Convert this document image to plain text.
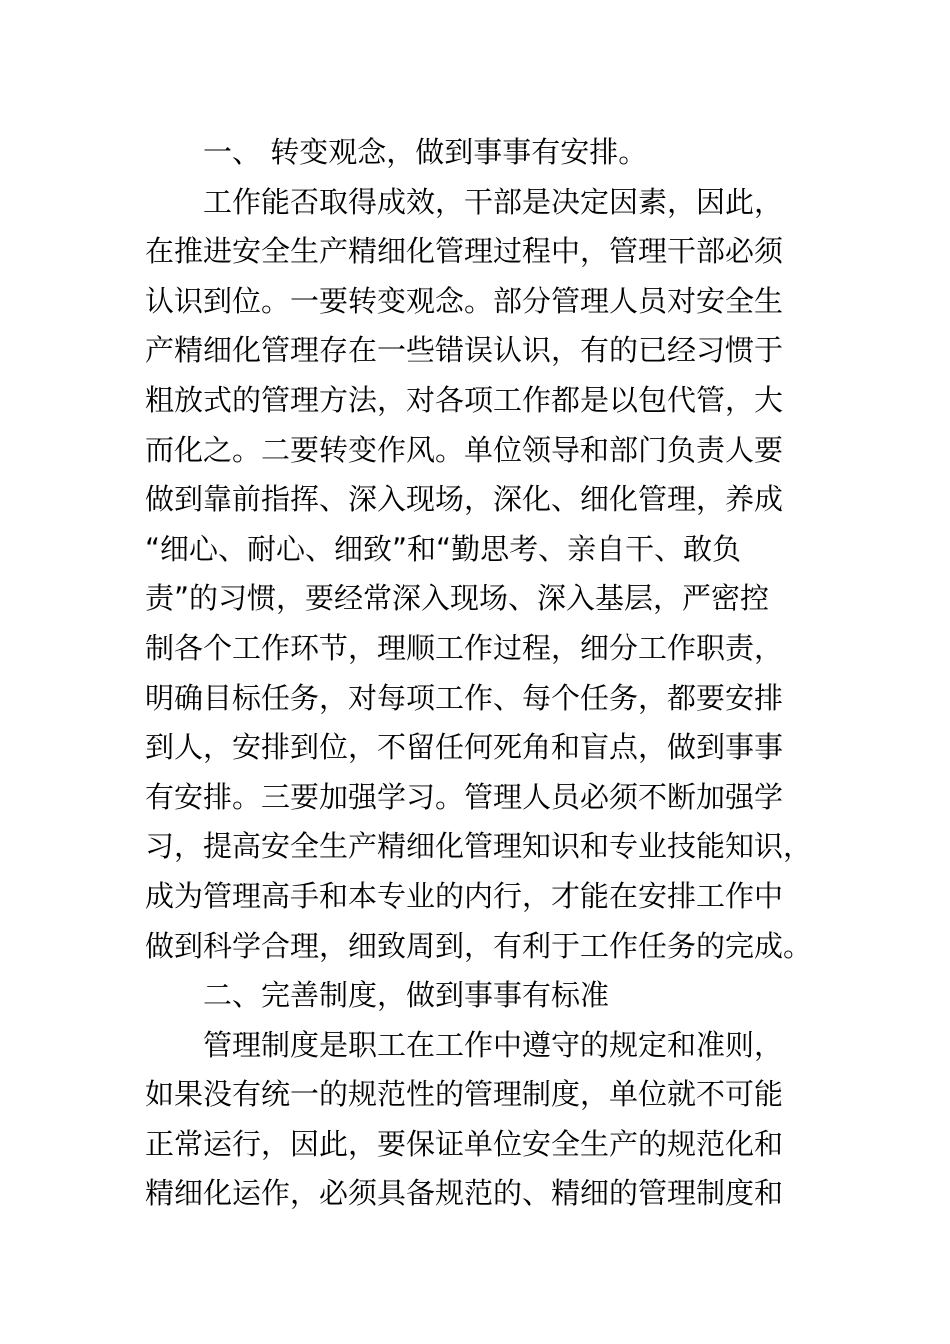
一、 转变观念，做到事事有安排。
工作能否取得成效，干部是决定因素，因此，
在推进安全生产精细化管理过程中，管理干部必须
认识到位。一要转变观念。部分管理人员对安全生
产精细化管理存在一些错误认识，有的已经习惯于
粗放式的管理方法，对各项工作都是以包代管，大
而化之。二要转变作风。单位领导和部门负责人要
做到靠前指挥、深入现场，深化、细化管理，养成
“细心、耐心、细致”和“勤思考、亲自干、敢负
责”的习惯，要经常深入现场、深入基层，严密控
制各个工作环节，理顺工作过程，细分工作职责，
明确目标任务，对每项工作、每个任务，都要安排
到人，安排到位，不留任何死角和盲点，做到事事
有安排。三要加强学习。管理人员必须不断加强学
习，提高安全生产精细化管理知识和专业技能知识，
成为管理高手和本专业的内行，才能在安排工作中
做到科学合理，细致周到，有利于工作任务的完成。
二、完善制度，做到事事有标准
管理制度是职工在工作中遵守的规定和准则，
如果没有统一的规范性的管理制度，单位就不可能
正常运行，因此，要保证单位安全生产的规范化和
精细化运作，必须具备规范的、精细的管理制度和
